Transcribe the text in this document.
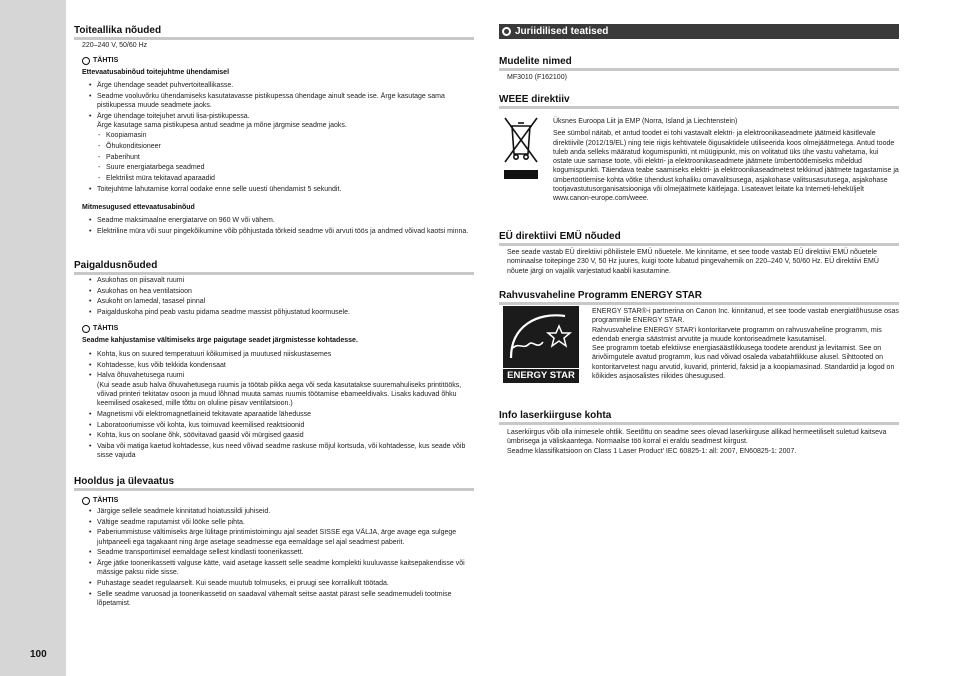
100
Toiteallika nõuded
220–240 V, 50/60 Hz
TÄHTIS
Ettevaatusabinõud toitejuhtme ühendamisel
• Ärge ühendage seadet puhvertoiteallikasse.
• Seadme vooluvõrku ühendamiseks kasutatavasse pistikupessa ühendage ainult seade ise. Ärge kasutage sama pistikupessa muude seadmete jaoks.
• Ärge ühendage toitejuhet arvuti lisa-pistikupessa.
Ärge kasutage sama pistikupesa antud seadme ja mõne järgmise seadme jaoks.
- Koopiamasin
- Õhukonditsioneer
- Paberihunt
- Suure energiatarbega seadmed
- Elektrilist müra tekitavad aparaadid
• Toitejuhtme lahutamise korral oodake enne selle uuesti ühendamist 5 sekundit.
Mitmesugused ettevaatusabinõud
• Seadme maksimaalne energiatarve on 960 W või vähem.
• Elektriline müra või suur pingekõikumine võib põhjustada tõrkeid seadme või arvuti töös ja andmed võivad kaotsi minna.
Paigaldusnõuded
• Asukohas on piisavalt ruumi
• Asukohas on hea ventilatsioon
• Asukoht on lamedal, tasasel pinnal
• Paigalduskoha pind peab vastu pidama seadme massist põhjustatud koormusele.
TÄHTIS
Seadme kahjustamise vältimiseks ärge paigutage seadet järgmistesse kohtadesse.
• Kohta, kus on suured temperatuuri kõikumised ja muutused niiskustasemes
• Kohtadesse, kus võib tekkida kondensaat
• Halva õhuvahetusega ruumi
(Kui seade asub halva õhuvahetusega ruumis ja töötab pikka aega või seda kasutatakse suuremahuliseks printitööks, võivad printeri tekitatav osoon ja muud lõhnad muuta samas ruumis töötamise ebameeldivaks. Lisaks kaduvad õhku keemilised osakesed, mille tõttu on oluline piisav ventilatsioon.)
• Magnetismi või elektromagnetlaineid tekitavate aparaatide lähedusse
• Laboratooriumisse või kohta, kus toimuvad keemilised reaktsioonid
• Kohta, kus on soolane õhk, söövitavad gaasid või mürgised gaasid
• Vaiba või matiga kaetud kohtadesse, kus need võivad seadme raskuse mõjul kortsuda, või kohtadesse, kus seade võib sisse vajuda
Hooldus ja ülevaatus
TÄHTIS
• Järgige sellele seadmele kinnitatud hoiatussildi juhiseid.
• Vältige seadme raputamist või lööke selle pihta.
• Paberiummistuse vältimiseks ärge lülitage printimistoimingu ajal seadet SISSE ega VÄLJA, ärge avage ega sulgege juhtpaneeli ega tagakaant ning ärge asetage seadmesse ega eemaldage sel ajal seadmest paberit.
• Seadme transportimisel eemaldage sellest kindlasti toonerikassett.
• Ärge jätke toonerikassetti valguse kätte, vaid asetage kassett selle seadme komplekti kuuluvasse kaitsepakendisse või mässige paksu riide sisse.
• Puhastage seadet regulaarselt. Kui seade muutub tolmuseks, ei pruugi see korralikult töötada.
• Selle seadme varuosad ja toonerikassetid on saadaval vähemalt seitse aastat pärast selle seadmemudeli tootmise lõpetamist.
Juriidilised teatised
Mudelite nimed
MF3010 (F162100)
WEEE direktiiv

Üksnes Euroopa Liit ja EMP (Norra, Island ja Liechtenstein)

See sümbol näitab, et antud toodet ei tohi vastavalt elektri- ja elektroonikaseadmete jäätmeid käsitlevale direktiivile (2012/19/EL) ning teie riigis kehtivatele õigusaktidele utiliseerida koos olmejäätmetega. Antud toode tuleb anda selleks määratud kogumispunkti, nt müügipunkt, mis on volitatud üks ühe vastu vahetama, kui ostate uue sarnase toote, või elektri- ja elektroonikaseadmete jäätmete ümbertöötlemiseks mõeldud kogumispunkti. Täiendava teabe saamiseks elektri- ja elektroonikaseadmetest tekkinud jäätmete tagastamise ja ümbertöötlemise kohta võtke ühendust kohaliku omavalitsusega, asjakohase valitsusasutusega, asjakohase tootjavastutusorganisatsiooniga või olmejäätmete käitlejaga. Lisateavet leitate ka Interneti-leheküljelt www.canon-europe.com/weee.

EÜ direktiivi EMÜ nõuded
See seade vastab EÜ direktiivi põhilistele EMÜ nõuetele. Me kinnitame, et see toode vastab EÜ direktiivi EMÜ nõuetele nominaalse toitepinge 230 V, 50 Hz juures, kuigi toote lubatud pingevahemik on 220–240 V, 50/60 Hz. EÜ direktiivi EMÜ nõuete järgi on vajalik varjestatud kaabli kasutamine.
Rahvusvaheline Programm ENERGY STAR
ENERGY STAR

ENERGY STAR®-i partnerina on Canon Inc. kinnitanud, et see toode vastab energiatõhususe osas programmile ENERGY STAR.

Rahvusvaheline ENERGY STAR'i kontoritarvete programm on rahvusvaheline programm, mis edendab energia säästmist arvutite ja muude kontoriseadmete kasutamisel.

See programm toetab efektiivse energiasäästlikkusega toodete arendust ja levitamist. See on ärivõimgutele avatud programm, kus nad võivad osaleda vabatahtlikkuse alusel. Sihttooted on kontoritarvetest nagu arvutid, kuvarid, printerid, faksid ja a koopiamasinad. Standardid ja logod on kõikides asjaosalistes riikides ühesugused.

Info laserkiirguse kohta

Laserkiirgus võib olla inimesele ohtlik. Seetõttu on seadme sees olevad laserkiirguse allikad hermeetiliselt suletud kaitseva ümbrisega ja väliskaantega. Normaalse töö korral ei eraldu seadmest kiirgust.

Seadme klassifikatsioon on Class 1 Laser Product' IEC 60825-1: all: 2007, EN60825-1: 2007.
